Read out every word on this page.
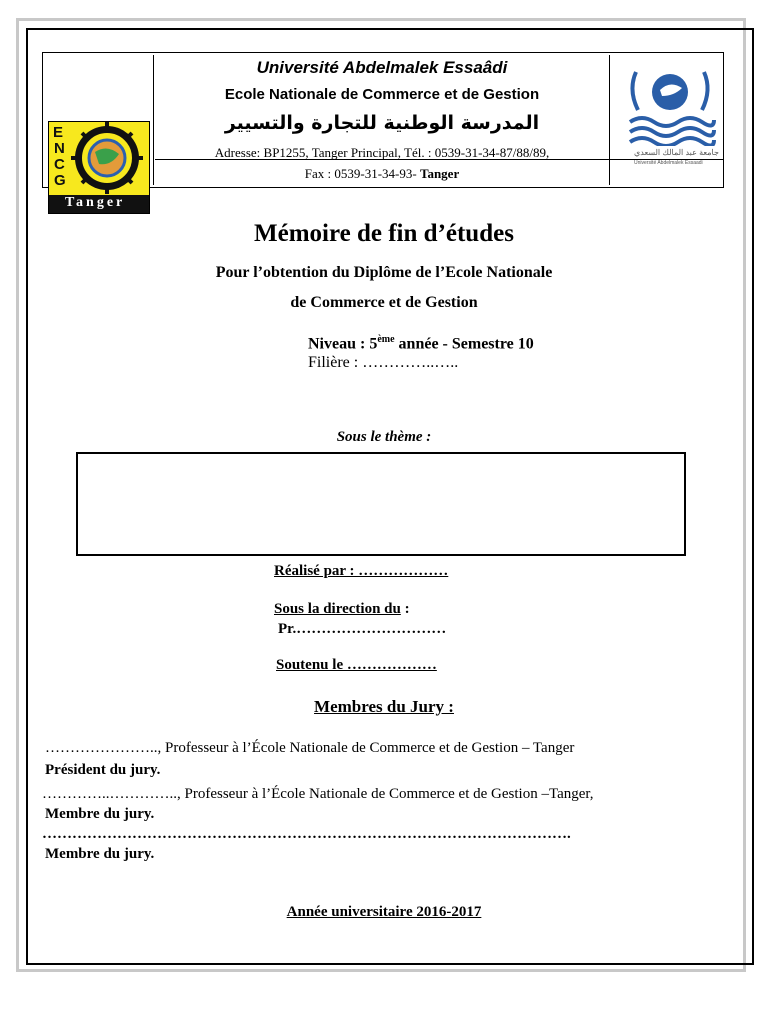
E
N
C
G
Tanger
جامعة عبد المالك السعدي
Université Abdelmalek Essaadi
Université Abdelmalek Essaâdi
Ecole Nationale de Commerce et de Gestion
المدرسة الوطنية للتجارة والتسيير
Adresse: BP1255, Tanger Principal, Tél. : 0539-31-34-87/88/89,
Fax : 0539-31-34-93- Tanger
Mémoire de fin d’études
Pour l’obtention du Diplôme de l’Ecole Nationale
de Commerce et de Gestion
Niveau : 5ème année - Semestre 10
Filière : …………..…..
Sous le thème :
Réalisé par : ………………
Sous la direction du :
Pr.…………………………
Soutenu le ………………
Membres du Jury :
………………….., Professeur à l’École Nationale de Commerce et de Gestion – Tanger
Président du jury.
…………..………….., Professeur à l’École Nationale de Commerce et de Gestion –Tanger,
Membre du jury.
…………………………………………………………………………………………….
Membre du jury.
Année universitaire 2016-2017
